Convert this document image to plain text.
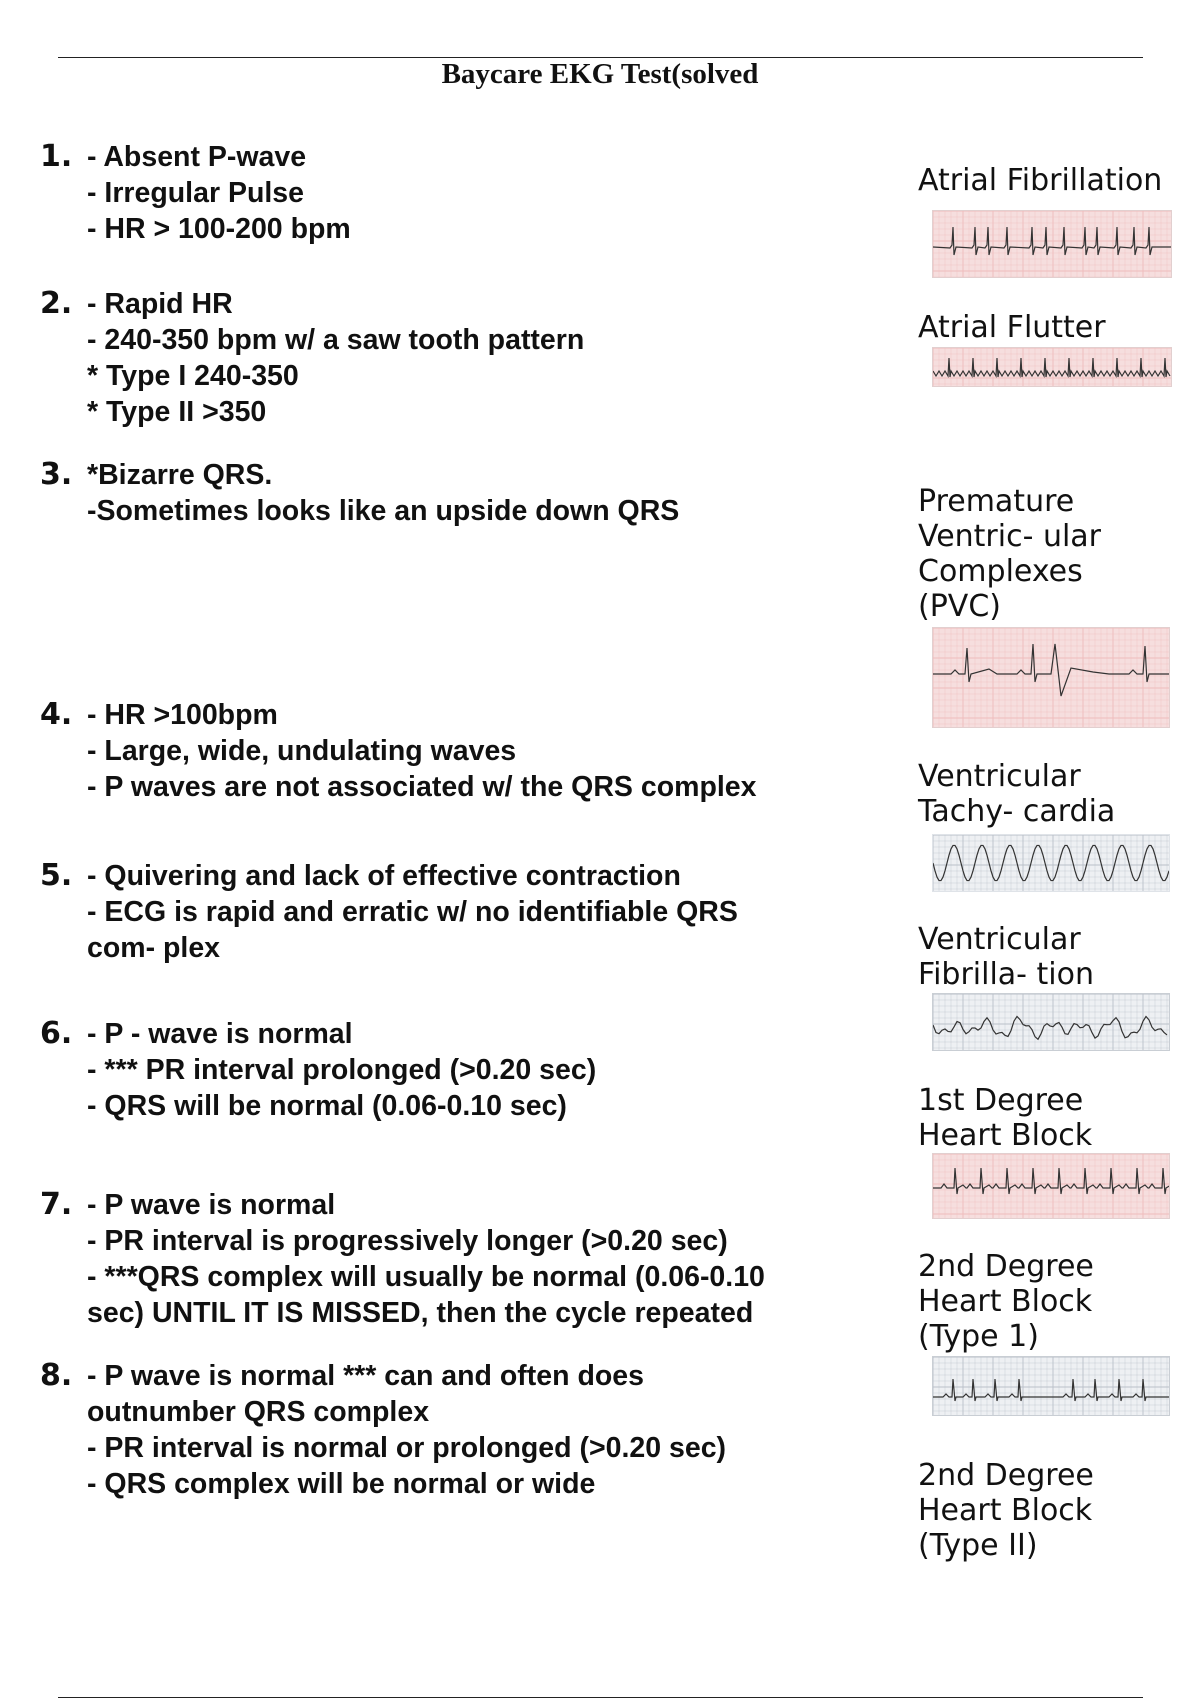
Baycare EKG Test(solved
1. - Absent P-wave
- Irregular Pulse
- HR > 100-200 bpm
2. - Rapid HR
- 240-350 bpm w/ a saw tooth pattern
* Type I 240-350
* Type II >350
3. *Bizarre QRS.
-Sometimes looks like an upside down QRS
4. - HR >100bpm
- Large, wide, undulating waves
- P waves are not associated w/ the QRS complex
5. - Quivering and lack of effective contraction
- ECG is rapid and erratic w/ no identifiable QRS
com- plex
6. - P - wave is normal
- *** PR interval prolonged (>0.20 sec)
- QRS will be normal (0.06-0.10 sec)
7. - P wave is normal
- PR interval is progressively longer (>0.20 sec)
- ***QRS complex will usually be normal (0.06-0.10
sec) UNTIL IT IS MISSED, then the cycle repeated
8. - P wave is normal *** can and often does
outnumber QRS complex
- PR interval is normal or prolonged (>0.20 sec)
- QRS complex will be normal or wide
Atrial Fibrillation
Atrial Flutter
Premature
Ventric- ular
Complexes
(PVC)
Ventricular
Tachy- cardia
Ventricular
Fibrilla- tion
1st Degree
Heart Block
2nd Degree
Heart Block
(Type 1)
2nd Degree
Heart Block
(Type II)
